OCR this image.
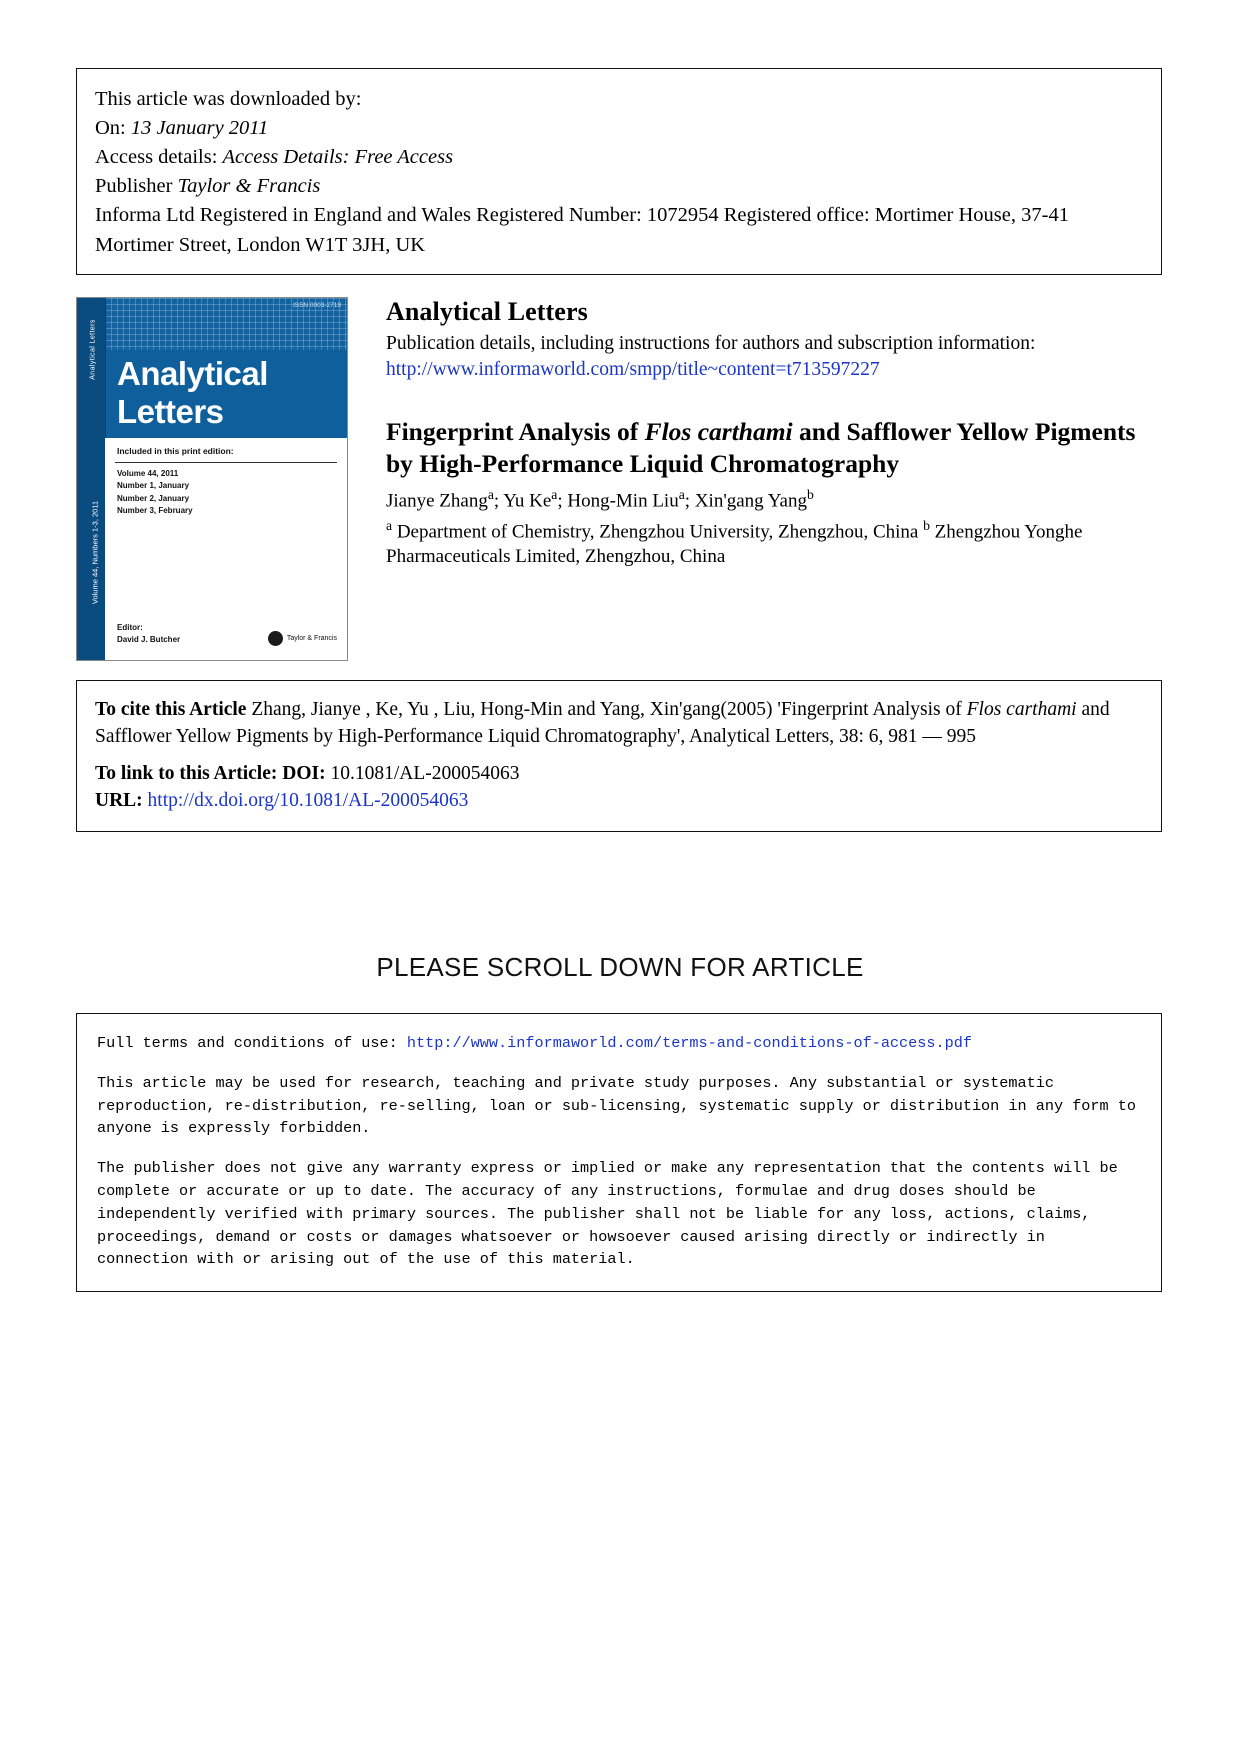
This article was downloaded by:
On: 13 January 2011
Access details: Access Details: Free Access
Publisher Taylor & Francis
Informa Ltd Registered in England and Wales Registered Number: 1072954 Registered office: Mortimer House, 37-41 Mortimer Street, London W1T 3JH, UK
ISSN 0003-2719
Analytical Letters
Volume 44, Numbers 1-3, 2011
Analytical
Letters
Included in this print edition:
Volume 44, 2011
Number 1, January
Number 2, January
Number 3, February
Editor:
David J. Butcher	Taylor & Francis
Analytical Letters
Publication details, including instructions for authors and subscription information:
http://www.informaworld.com/smpp/title~content=t713597227
Fingerprint Analysis of Flos carthami and Safflower Yellow Pigments by High-Performance Liquid Chromatography
Jianye Zhang$^a$; Yu Ke$^a$; Hong-Min Liu$^a$; Xin'gang Yang$^b$
$^a$ Department of Chemistry, Zhengzhou University, Zhengzhou, China $^b$ Zhengzhou Yonghe Pharmaceuticals Limited, Zhengzhou, China
To cite this Article Zhang, Jianye , Ke, Yu , Liu, Hong-Min and Yang, Xin'gang(2005) 'Fingerprint Analysis of Flos carthami and Safflower Yellow Pigments by High-Performance Liquid Chromatography', Analytical Letters, 38: 6, 981 — 995
To link to this Article: DOI: 10.1081/AL-200054063
URL: http://dx.doi.org/10.1081/AL-200054063
PLEASE SCROLL DOWN FOR ARTICLE

Full terms and conditions of use: http://www.informaworld.com/terms-and-conditions-of-access.pdf

This article may be used for research, teaching and private study purposes. Any substantial or systematic reproduction, re-distribution, re-selling, loan or sub-licensing, systematic supply or distribution in any form to anyone is expressly forbidden.

The publisher does not give any warranty express or implied or make any representation that the contents will be complete or accurate or up to date. The accuracy of any instructions, formulae and drug doses should be independently verified with primary sources. The publisher shall not be liable for any loss, actions, claims, proceedings, demand or costs or damages whatsoever or howsoever caused arising directly or indirectly in connection with or arising out of the use of this material.
